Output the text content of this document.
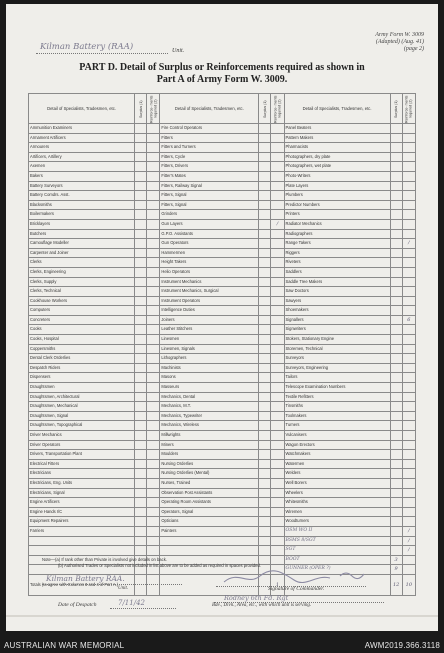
Kilman Battery (RAA)	Unit.
Army Form W. 3009
(Adapted) (Aug. 41)
(page 2)
PART D. Detail of Surplus or Reinforcements required as shown in
Part A of Army Form W. 3009.
Detail of Specialists, Tradesmen, etc.	Surplus (1)	Reinforce- ments required (2)	Detail of Specialists, Tradesmen, etc.	Surplus (1)	Reinforce- ments required (2)	Detail of Specialists, Tradesmen, etc.	Surplus (1)	Reinforce- ments required (2)
Ammunition Examiners			Fire Control Operators			Panel Beaters		
Armament Artificers			Fitters			Pattern Makers		
Armourers			Fitters and Turners			Pharmacists		
Artificers, Artillery			Fitters, Cycle			Photographers, dry plate		
Axemen			Fitters, Drivers			Photographers, wet plate		
Bakers			Fitter's Mates			Photo-Writers		
Battery Surveyors			Fitters, Railway Signal			Plate Layers		
Battery Comdrs. Asst.			Fitters, Signal			Plumbers		
Blacksmiths			Fitters, Signal			Predictor Numbers		
Boilermakers			Grinders			Printers		
Bricklayers			Gun Layers		/	Radiator Mechanics		
Butchers			G.P.O. Assistants			Radiographers		
Camouflage Modeller			Gun Operators			Range Takers		/
Carpenter and Joiner			Hammermen			Riggers		
Clerks			Height Takers			Riveters		
Clerks, Engineering			Helio Operators			Saddlers		
Clerks, Supply			Instrument Mechanics			Saddle Tree Makers		
Clerks, Technical			Instrument Mechanics, Surgical			Saw Doctors		
Cookhouse Workers			Instrument Operators			Sawyers		
Computers			Intelligence Duties			Shoemakers		
Concreters			Joiners			Signallers		6
Cooks			Leather Stitchers			Signwriters		
Cooks, Hospital			Linesmen			Stokers, Stationary Engine		
Coppersmiths			Linesmen, Signals			Storemen, Technical		
Dental Clerk Orderlies			Lithographers			Surveyors		
Despatch Riders			Machinists			Surveyors, Engineering		
Dispensers			Masons			Tailors		
Draughtsmen			Masseurs			Telescope Examination Numbers		
Draughtsmen, Architectural			Mechanics, Dental			Textile Refitters		
Draughtsmen, Mechanical			Mechanics, M.T.			Tinsmiths		
Draughtsmen, Signal			Mechanics, Typewriter			Toolmakers		
Draughtsmen, Topographical			Mechanics, Wireless			Turners		
Driver Mechanics			Millwrights			Vulcanisers		
Driver Operators			Miners			Wagon Erectors		
Drivers, Transportation Plant			Moulders			Watchmakers		
Electrical Fitters			Nursing Orderlies			Watermen		
Electricians			Nursing Orderlies (Mental)			Welders		
Electricians, Eng. Units			Nurses, Trained			Well Borers		
Electricians, Signal			Observation Post Assistants			Wheelers		
Engine Artificers			Operating Room Assistants			Whitesmiths		
Engine Hands I/C			Operators, Signal			Wiremen		
Equipment Repairers			Opticians			Woodturners		
Farriers			Painters			OSM WO II		/
						BSMS 8/SGT		/
						SGT		/
						BOOT	3	
						GUNNER (OPER ?)	9	
Totals (to agree with Columns 3 and 4 of Part A.)					1		12	10
Note—(a) If rank other than Private is involved give details on back.
(b) Authorised Trades or Specialists not included in list above are to be added as required in spaces provided.
Kilman Battery RAA.
Unit.	Signature of Commander.
Date of Despatch	7/11/42
Rodney 6th Fd. Rgt
Bde., Divn., Area, etc., with which unit is serving.
AUSTRALIAN WAR MEMORIAL	AWM2019.366.3118
